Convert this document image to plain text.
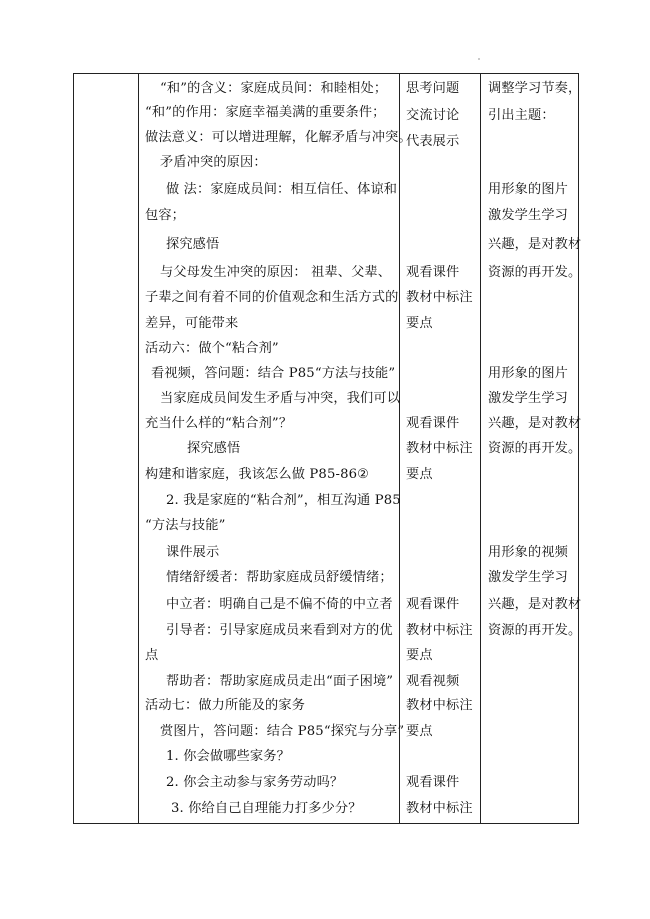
“和”的含义：家庭成员间：和睦相处；
“和”的作用：家庭幸福美满的重要条件；
做法意义：可以增进理解，化解矛盾与冲突。
矛盾冲突的原因：
做 法：家庭成员间：相互信任、体谅和
包容；
探究感悟
与父母发生冲突的原因： 祖辈、父辈、
子辈之间有着不同的价值观念和生活方式的
差异，可能带来
活动六：做个“粘合剂”
看视频，答问题：结合 P85“方法与技能”
当家庭成员间发生矛盾与冲突，我们可以
充当什么样的“粘合剂”？
探究感悟
构建和谐家庭，我该怎么做 P85-86②
2. 我是家庭的“粘合剂”，相互沟通 P85
“方法与技能”
课件展示
情绪舒缓者：帮助家庭成员舒缓情绪；
中立者：明确自己是不偏不倚的中立者
引导者：引导家庭成员来看到对方的优
点
帮助者：帮助家庭成员走出“面子困境”
活动七：做力所能及的家务
赏图片，答问题：结合 P85“探究与分享”
1. 你会做哪些家务？
2. 你会主动参与家务劳动吗？
3. 你给自己自理能力打多少分？
思考问题
交流讨论
代表展示
观看课件
教材中标注
要点
观看课件
教材中标注
要点
观看课件
教材中标注
要点
观看视频
教材中标注
要点
观看课件
教材中标注
调整学习节奏，
引出主题：
用形象的图片
激发学生学习
兴趣，是对教材
资源的再开发。
用形象的图片
激发学生学习
兴趣，是对教材
资源的再开发。
用形象的视频
激发学生学习
兴趣，是对教材
资源的再开发。
